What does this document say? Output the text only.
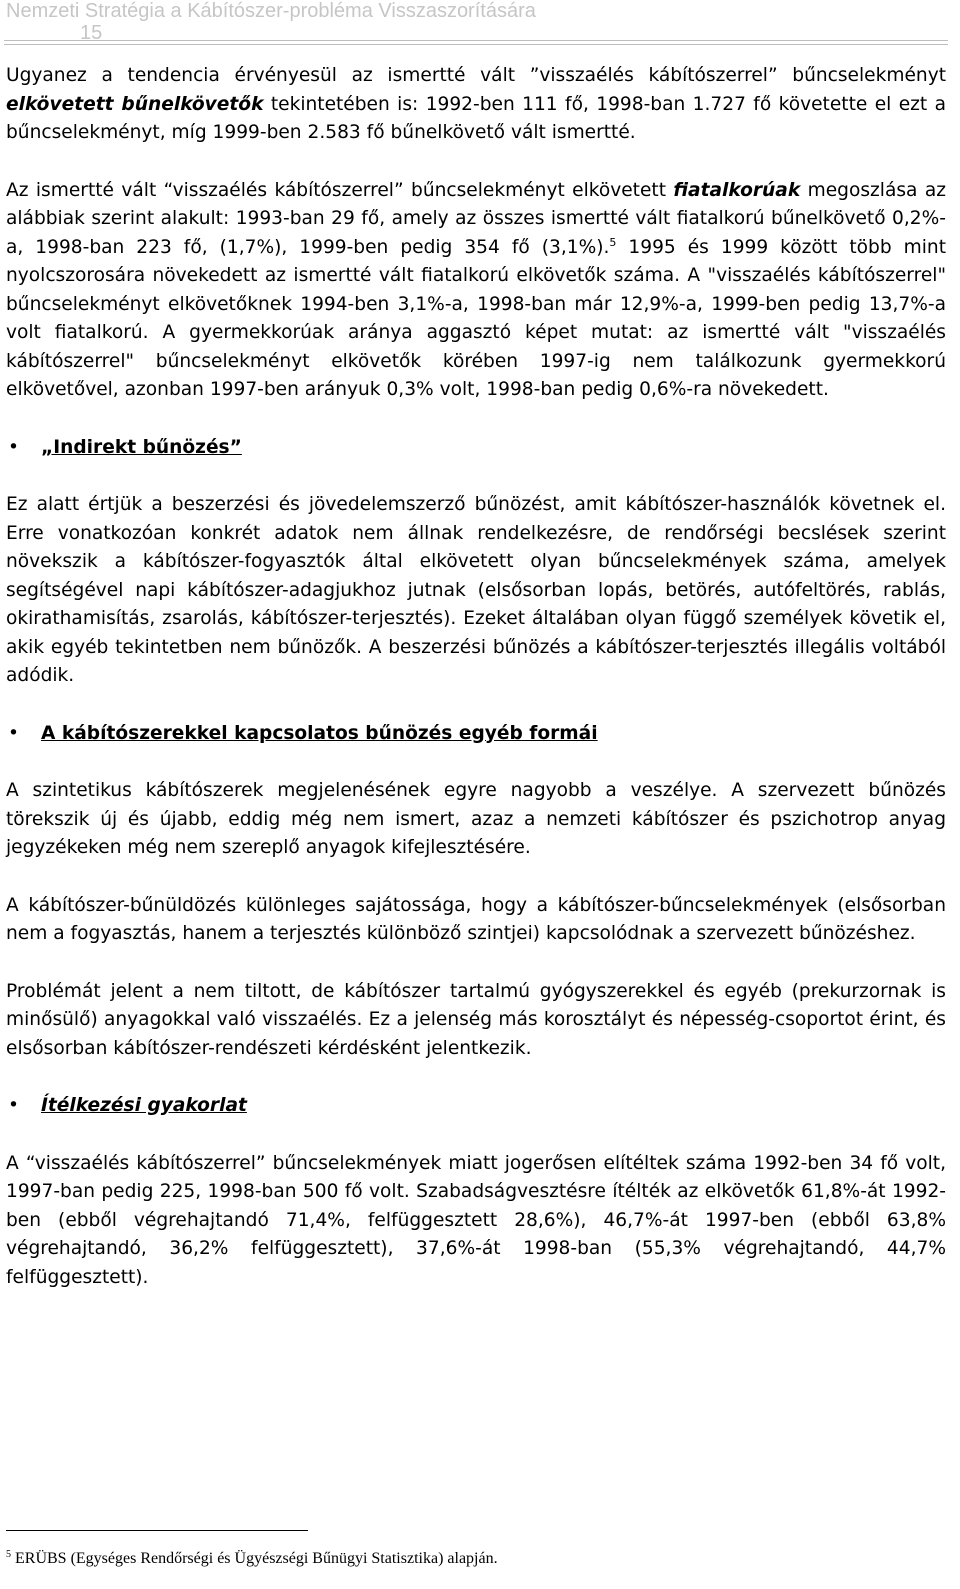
Nemzeti Stratégia a Kábítószer-probléma Visszaszorítására
15

Ugyanez a tendencia érvényesül az ismertté vált ”visszaélés kábítószerrel” bűncselekményt elkövetett bűnelkövetők tekintetében is: 1992-ben 111 fő, 1998-ban 1.727 fő követette el ezt a bűncselekményt, míg 1999-ben 2.583 fő bűnelkövető vált ismertté.

Az ismertté vált “visszaélés kábítószerrel” bűncselekményt elkövetett fiatalkorúak megoszlása az alábbiak szerint alakult: 1993-ban 29 fő, amely az összes ismertté vált fiatalkorú bűnelkövető 0,2%-a, 1998-ban 223 fő, (1,7%), 1999-ben pedig 354 fő (3,1%).$^5$ 1995 és 1999 között több mint nyolcszorosára növekedett az ismertté vált fiatalkorú elkövetők száma. A "visszaélés kábítószerrel" bűncselekményt elkövetőknek 1994-ben 3,1%-a, 1998-ban már 12,9%-a, 1999-ben pedig 13,7%-a volt fiatalkorú. A gyermekkorúak aránya aggasztó képet mutat: az ismertté vált "visszaélés kábítószerrel" bűncselekményt elkövetők körében 1997-ig nem találkozunk gyermekkorú elkövetővel, azonban 1997-ben arányuk 0,3% volt, 1998-ban pedig 0,6%-ra növekedett.

• „Indirekt bűnözés”

Ez alatt értjük a beszerzési és jövedelemszerző bűnözést, amit kábítószer-használók követnek el. Erre vonatkozóan konkrét adatok nem állnak rendelkezésre, de rendőrségi becslések szerint növekszik a kábítószer-fogyasztók által elkövetett olyan bűncselekmények száma, amelyek segítségével napi kábítószer-adagjukhoz jutnak (elsősorban lopás, betörés, autófeltörés, rablás, okirathamisítás, zsarolás, kábítószer-terjesztés). Ezeket általában olyan függő személyek követik el, akik egyéb tekintetben nem bűnözők. A beszerzési bűnözés a kábítószer-terjesztés illegális voltából adódik.

• A kábítószerekkel kapcsolatos bűnözés egyéb formái

A szintetikus kábítószerek megjelenésének egyre nagyobb a veszélye. A szervezett bűnözés törekszik új és újabb, eddig még nem ismert, azaz a nemzeti kábítószer és pszichotrop anyag jegyzékeken még nem szereplő anyagok kifejlesztésére.

A kábítószer-bűnüldözés különleges sajátossága, hogy a kábítószer-bűncselekmények (elsősorban nem a fogyasztás, hanem a terjesztés különböző szintjei) kapcsolódnak a szervezett bűnözéshez.

Problémát jelent a nem tiltott, de kábítószer tartalmú gyógyszerekkel és egyéb (prekurzornak is minősülő) anyagokkal való visszaélés. Ez a jelenség más korosztályt és népesség-csoportot érint, és elsősorban kábítószer-rendészeti kérdésként jelentkezik.

• Ítélkezési gyakorlat

A “visszaélés kábítószerrel” bűncselekmények miatt jogerősen elítéltek száma 1992-ben 34 fő volt, 1997-ban pedig 225, 1998-ban 500 fő volt. Szabadságvesztésre ítélték az elkövetők 61,8%-át 1992-ben (ebből végrehajtandó 71,4%, felfüggesztett 28,6%), 46,7%-át 1997-ben (ebből 63,8% végrehajtandó, 36,2% felfüggesztett), 37,6%-át 1998-ban (55,3% végrehajtandó, 44,7% felfüggesztett).

$^5$ ERÜBS (Egységes Rendőrségi és Ügyészségi Bűnügyi Statisztika) alapján.
